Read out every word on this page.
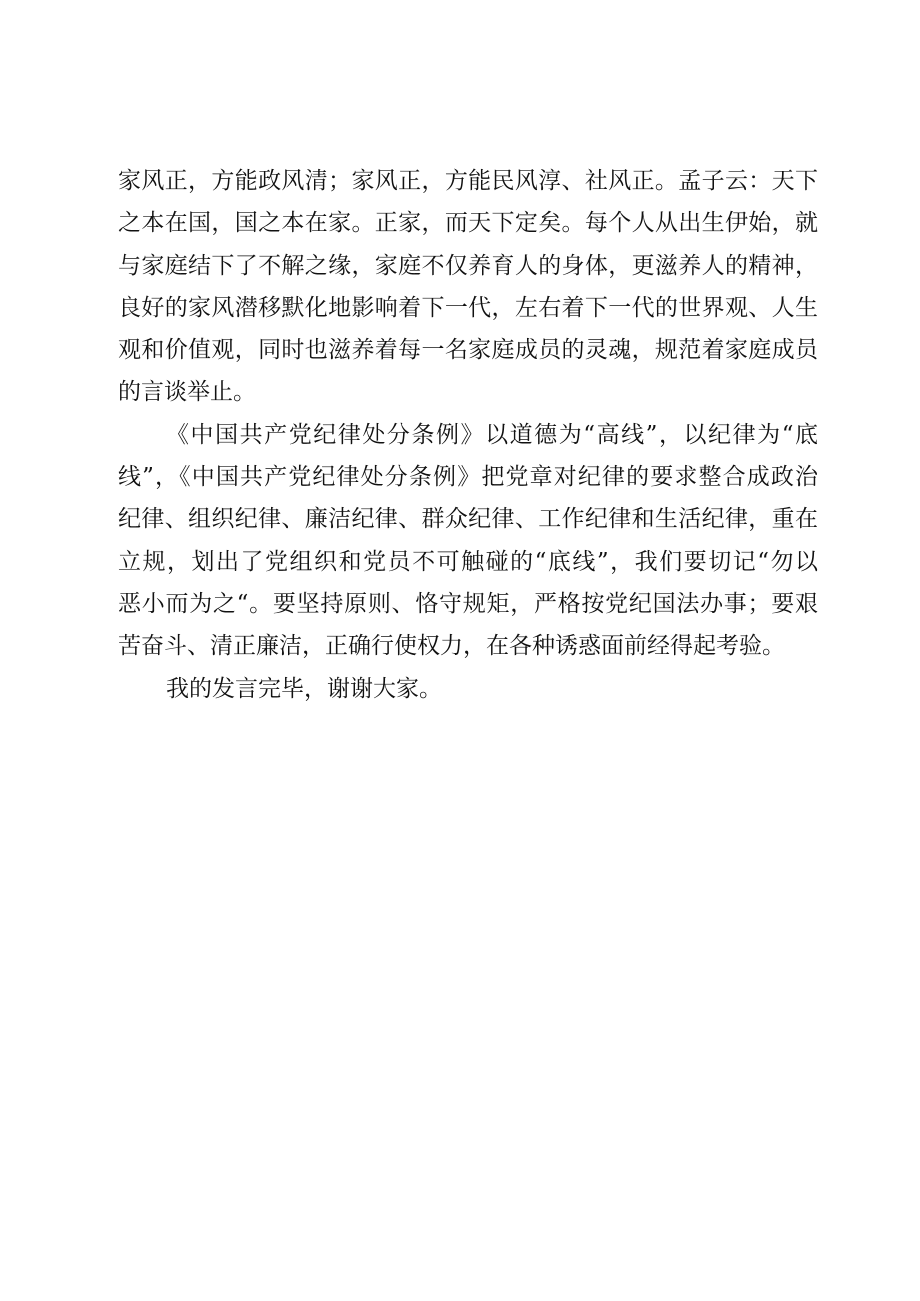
家风正，方能政风清；家风正，方能民风淳、社风正。孟子云：天下
之本在国，国之本在家。正家，而天下定矣。每个人从出生伊始，就
与家庭结下了不解之缘，家庭不仅养育人的身体，更滋养人的精神，
良好的家风潜移默化地影响着下一代，左右着下一代的世界观、人生
观和价值观，同时也滋养着每一名家庭成员的灵魂，规范着家庭成员
的言谈举止。
《中国共产党纪律处分条例》以道德为“高线”，以纪律为“底
线”，《中国共产党纪律处分条例》把党章对纪律的要求整合成政治
纪律、组织纪律、廉洁纪律、群众纪律、工作纪律和生活纪律，重在
立规，划出了党组织和党员不可触碰的“底线”，我们要切记“勿以
恶小而为之“。要坚持原则、恪守规矩，严格按党纪国法办事；要艰
苦奋斗、清正廉洁，正确行使权力，在各种诱惑面前经得起考验。
我的发言完毕，谢谢大家。
